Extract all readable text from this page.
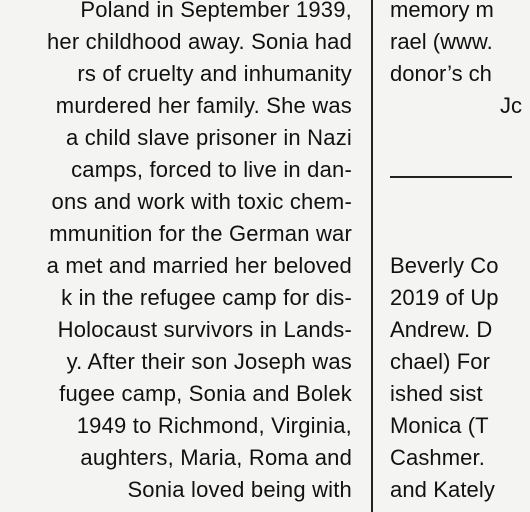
Poland in September 1939,
her childhood away. Sonia had
rs of cruelty and inhumanity
murdered her family. She was
a child slave prisoner in Nazi
camps, forced to live in dan-
ons and work with toxic chem-
mmunition for the German war
a met and married her beloved
k in the refugee camp for dis-
Holocaust survivors in Lands-
y. After their son Joseph was
fugee camp, Sonia and Bolek
1949 to Richmond, Virginia,
aughters, Maria, Roma and
Sonia loved being with
memory m
rael (www.
donor’s ch
Jc
Beverly Co
2019 of Up
Andrew. D
chael) For
ished sist
Monica (T
Cashmer.
and Kately
